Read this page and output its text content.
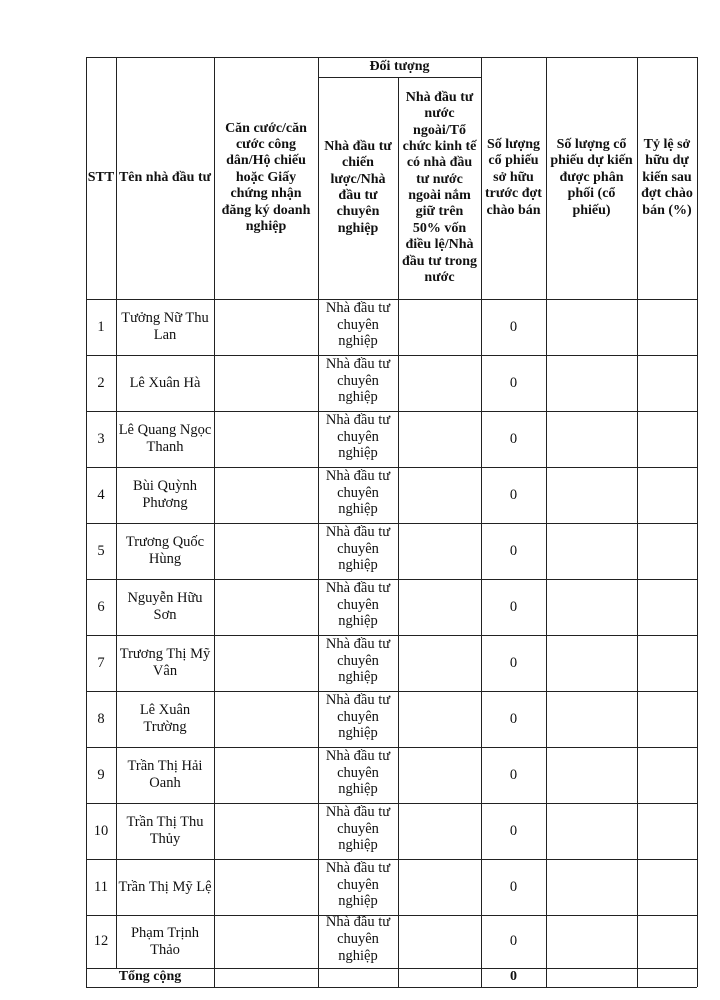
STT Tên nhà đầu tư
Căn cước/căn cước công dân/Hộ chiếu hoặc Giấy chứng nhận đăng ký doanh nghiệp
Đối tượng
Nhà đầu tư chiến lược/Nhà đầu tư chuyên nghiệp
Nhà đầu tư nước ngoài/Tổ chức kinh tế có nhà đầu tư nước ngoài nắm giữ trên 50% vốn điều lệ/Nhà đầu tư trong nước
Số lượng cổ phiếu sở hữu trước đợt chào bán
Số lượng cổ phiếu dự kiến được phân phối (cổ phiếu)
Tỷ lệ sở hữu dự kiến sau đợt chào bán (%)
1
Tưởng Nữ Thu Lan
Nhà đầu tư chuyên nghiệp
0
2	Lê Xuân Hà
Nhà đầu tư chuyên nghiệp
0
3
Lê Quang Ngọc Thanh
Nhà đầu tư chuyên nghiệp
0
4
Bùi Quỳnh Phương
Nhà đầu tư chuyên nghiệp
0
5
Trương Quốc Hùng
Nhà đầu tư chuyên nghiệp
0
6
Nguyễn Hữu Sơn
Nhà đầu tư chuyên nghiệp
0
7
Trương Thị Mỹ Vân
Nhà đầu tư chuyên nghiệp
0
8
Lê Xuân Trường
Nhà đầu tư chuyên nghiệp
0
9
Trần Thị Hải Oanh
Nhà đầu tư chuyên nghiệp
0
10
Trần Thị Thu Thủy
Nhà đầu tư chuyên nghiệp
0
11 Trần Thị Mỹ Lệ
Nhà đầu tư chuyên nghiệp
0
12
Phạm Trịnh Thảo
Nhà đầu tư chuyên nghiệp
0
Tổng cộng	0
